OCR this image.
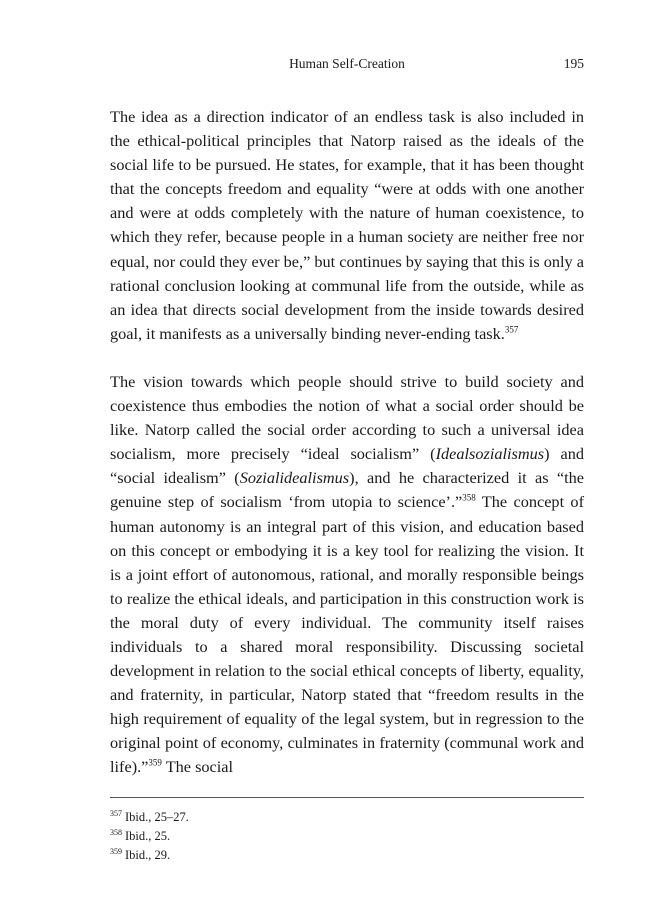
Human Self-Creation	195

The idea as a direction indicator of an endless task is also included in the ethical-political principles that Natorp raised as the ideals of the social life to be pursued. He states, for example, that it has been thought that the concepts freedom and equality “were at odds with one another and were at odds completely with the nature of human coexistence, to which they refer, because people in a human society are neither free nor equal, nor could they ever be,” but continues by saying that this is only a rational conclusion looking at communal life from the outside, while as an idea that directs social development from the inside towards desired goal, it manifests as a universally binding never-ending task.$^{357}$

The vision towards which people should strive to build society and coexistence thus embodies the notion of what a social order should be like. Natorp called the social order according to such a universal idea socialism, more precisely “ideal socialism” (Idealsozialismus) and “social idealism” (Sozialidealismus), and he characterized it as “the genuine step of socialism ‘from utopia to science’.”$^{358}$ The concept of human autonomy is an integral part of this vision, and education based on this concept or embodying it is a key tool for realizing the vision. It is a joint effort of autonomous, rational, and morally responsible beings to realize the ethical ideals, and participation in this construction work is the moral duty of every individual. The community itself raises individuals to a shared moral responsibility. Discussing societal development in relation to the social ethical concepts of liberty, equality, and fraternity, in particular, Natorp stated that “freedom results in the high requirement of equality of the legal system, but in regression to the original point of economy, culminates in fraternity (communal work and life).”$^{359}$ The social

$^{357}$ Ibid., 25–27.
$^{358}$ Ibid., 25.
$^{359}$ Ibid., 29.
